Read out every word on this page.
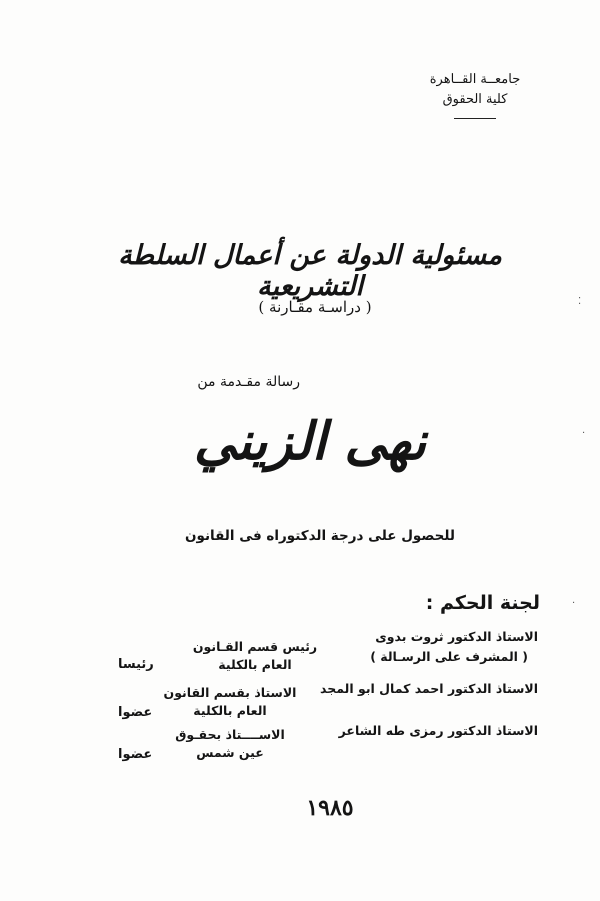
جامعــة القــاهرة
كلية الحقوق
مسئولية الدولة عن أعمال السلطة التشريعية
( دراسـة مقـارنة )
رسالة مقـدمة من
نهى الزيني
للحصول على درجة الدكتوراه فى القانون
لجنة الحكم :
الاستاذ الدكتور ثروت بدوى
( المشرف على الرسـالة )
رئيس قسم القـانون
العام بالكلية
رئيسا
الاستاذ الدكتور احمد كمال ابو المجد
الاستاذ بقسم القانون
العام بالكلية
عضوا
الاستاذ الدكتور رمزى طه الشاعر
الاســــتاذ بحقـوق
عين شمس
عضوا
١٩٨٥
⁚
·
·
